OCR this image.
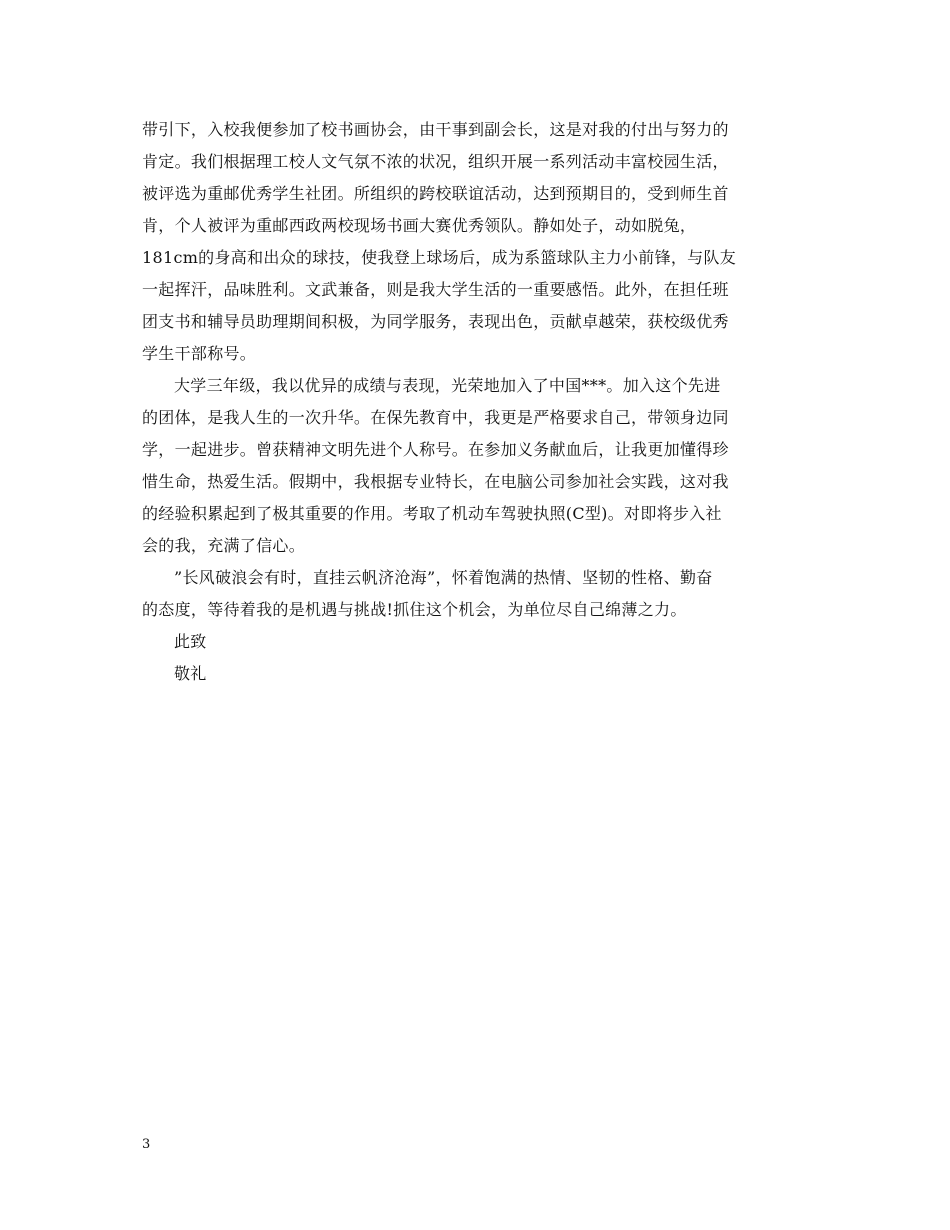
带引下，入校我便参加了校书画协会，由干事到副会长，这是对我的付出与努力的
肯定。我们根据理工校人文气氛不浓的状况，组织开展一系列活动丰富校园生活，
被评选为重邮优秀学生社团。所组织的跨校联谊活动，达到预期目的，受到师生首
肯，个人被评为重邮西政两校现场书画大赛优秀领队。静如处子，动如脱兔，
181cm的身高和出众的球技，使我登上球场后，成为系篮球队主力小前锋，与队友
一起挥汗，品味胜利。文武兼备，则是我大学生活的一重要感悟。此外，在担任班
团支书和辅导员助理期间积极，为同学服务，表现出色，贡献卓越荣，获校级优秀
学生干部称号。
大学三年级，我以优异的成绩与表现，光荣地加入了中国***。加入这个先进
的团体，是我人生的一次升华。在保先教育中，我更是严格要求自己，带领身边同
学，一起进步。曾获精神文明先进个人称号。在参加义务献血后，让我更加懂得珍
惜生命，热爱生活。假期中，我根据专业特长，在电脑公司参加社会实践，这对我
的经验积累起到了极其重要的作用。考取了机动车驾驶执照(C型)。对即将步入社
会的我，充满了信心。
”长风破浪会有时，直挂云帆济沧海”，怀着饱满的热情、坚韧的性格、勤奋
的态度，等待着我的是机遇与挑战!抓住这个机会，为单位尽自己绵薄之力。
此致
敬礼
3
